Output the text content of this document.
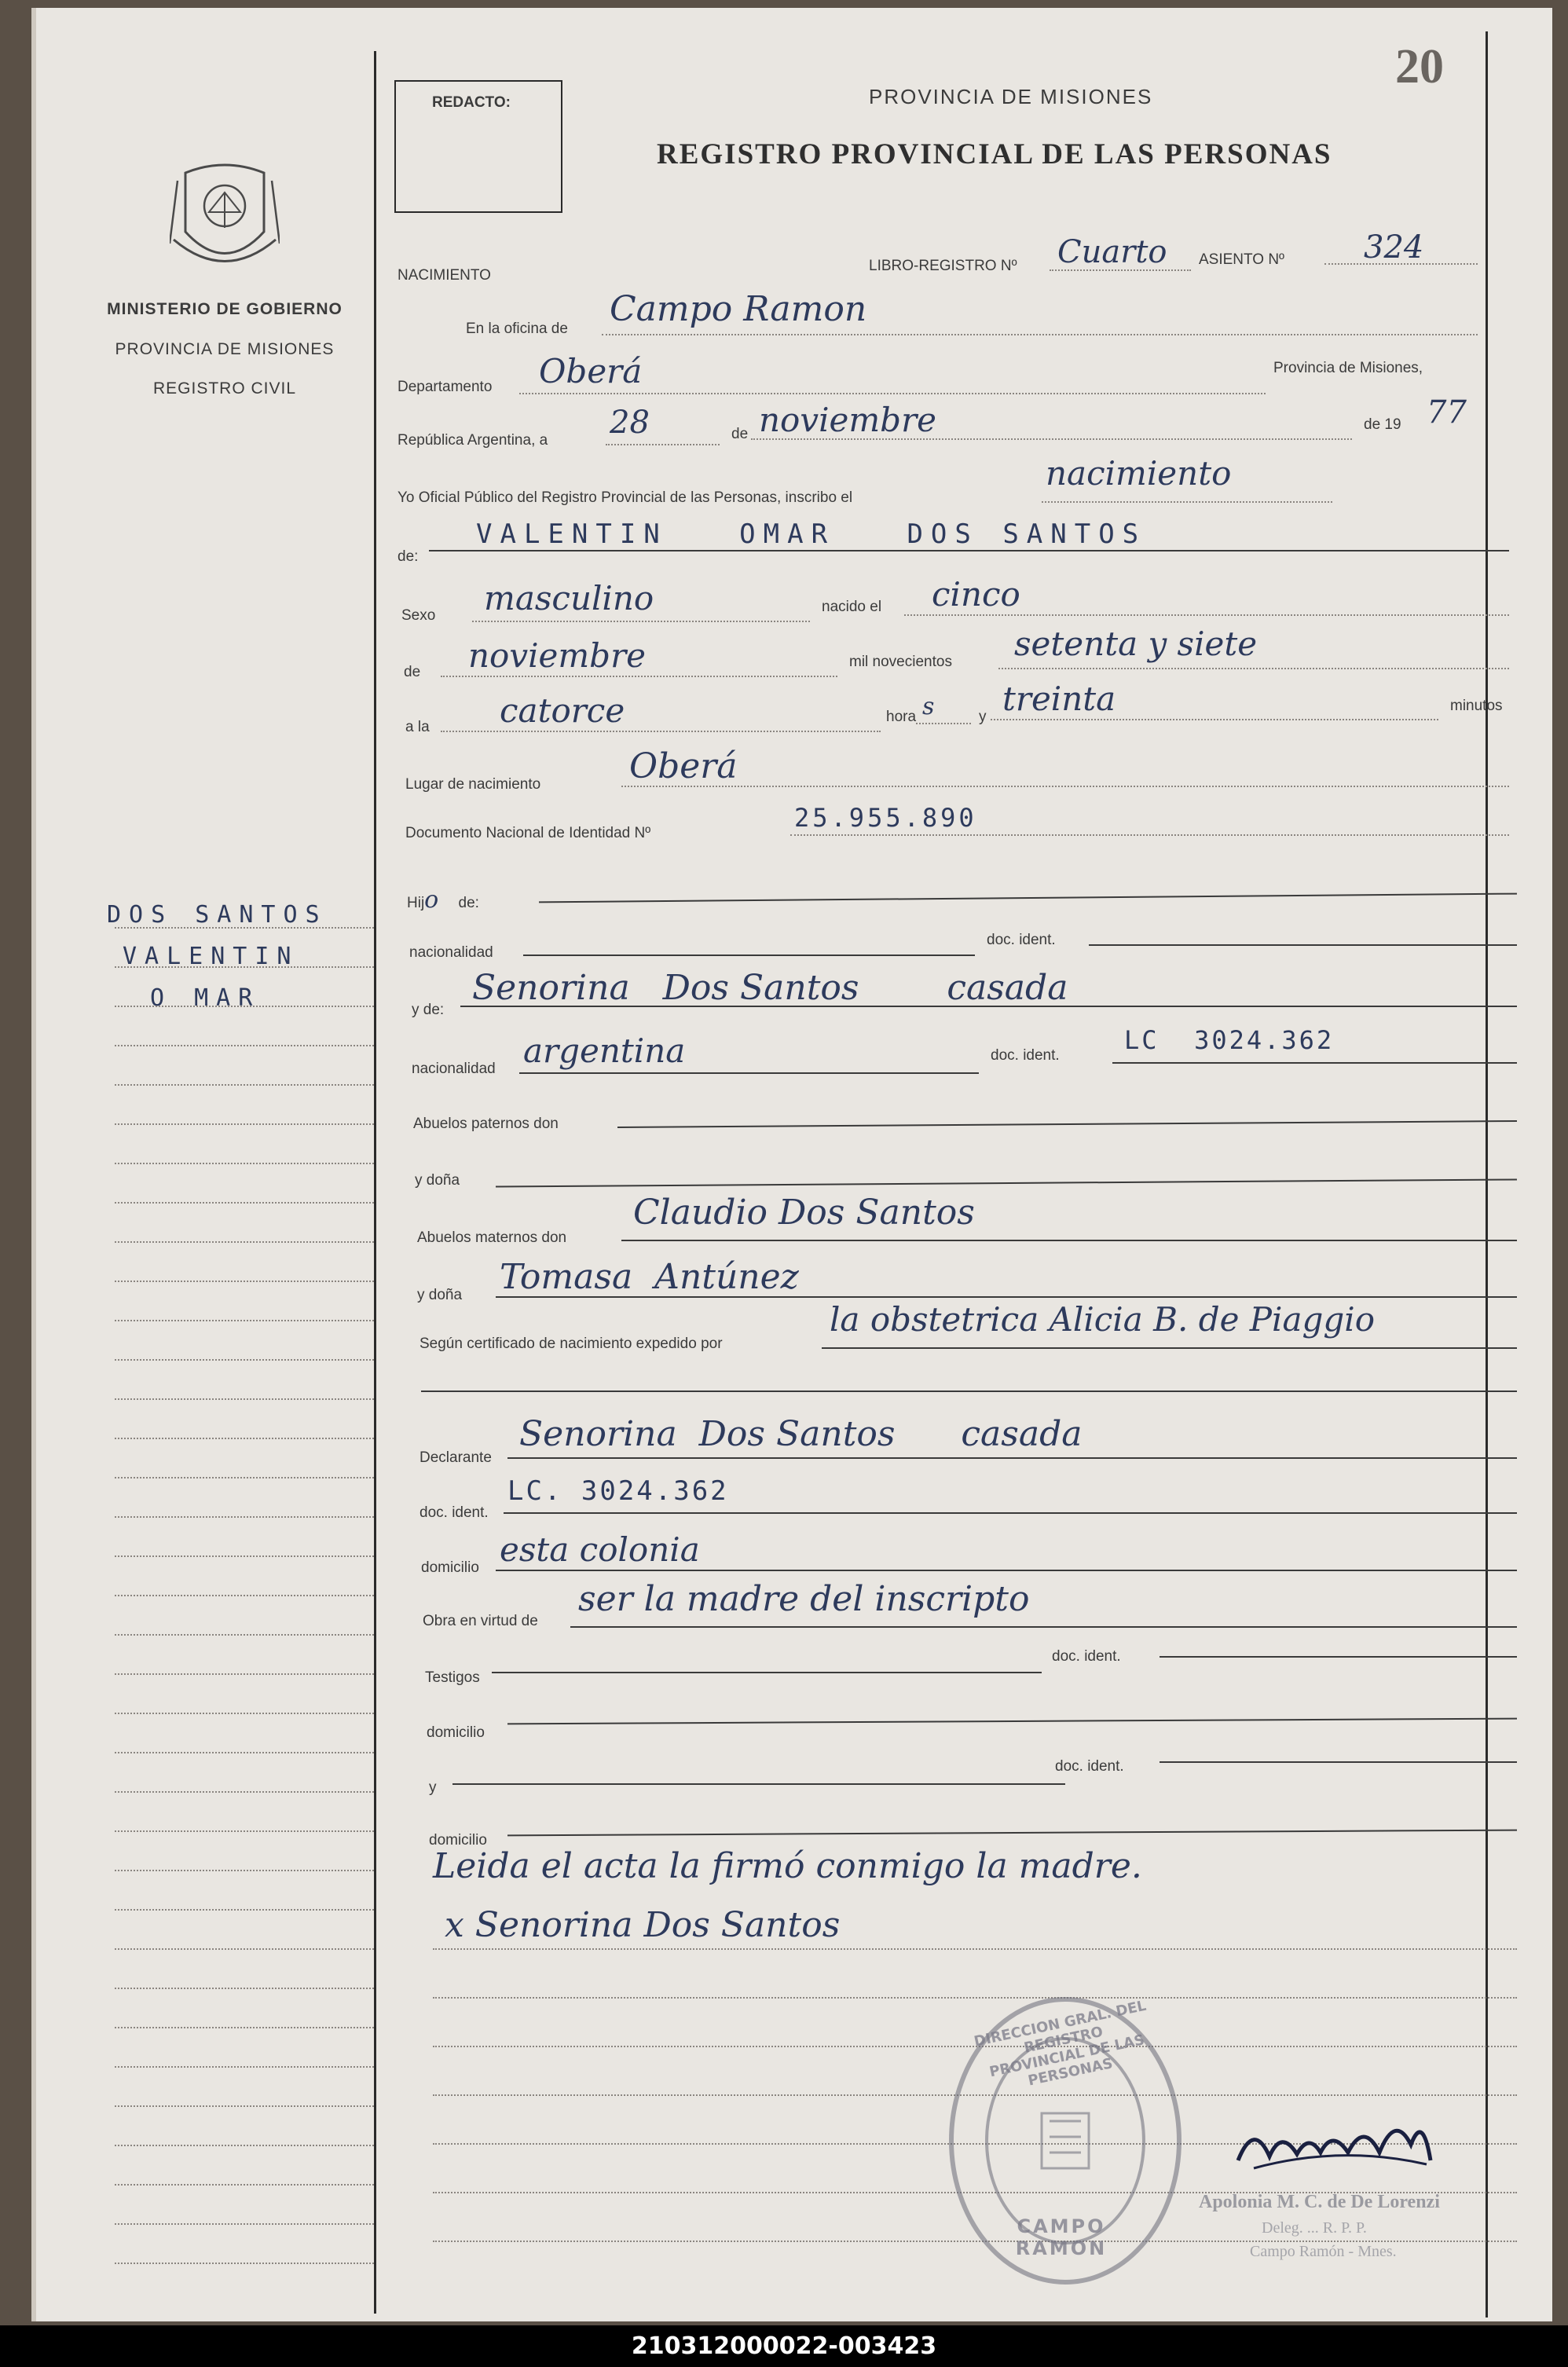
20
MINISTERIO DE GOBIERNO
PROVINCIA DE MISIONES
REGISTRO CIVIL
DOS SANTOS
VALENTIN
O MAR
REDACTO:	PROVINCIA DE MISIONES
REGISTRO PROVINCIAL DE LAS PERSONAS
NACIMIENTO
LIBRO-REGISTRO Nº Cuarto ASIENTO Nº	324
En la oficina de Campo Ramon
Departamento Oberá	Provincia de Misiones,
República Argentina, a 28	de noviembre	de 19 77
Yo Oficial Público del Registro Provincial de las Personas, inscribo el
nacimiento
de:
VALENTIN   OMAR   DOS SANTOS
Sexo masculino	nacido el cinco
de noviembre	mil novecientos setenta y siete
a la catorce	hora s	y treinta	minutos
Lugar de nacimiento	Oberá
Documento Nacional de Identidad Nº
25.955.890
Hijo de:
nacionalidad
doc. ident.
y de:
Senorina   Dos Santos        casada
nacionalidad argentina	doc. ident.
LC  3024.362
Abuelos paternos don
y doña
Abuelos maternos don
Claudio Dos Santos
y doña Tomasa  Antúnez
Según certificado de nacimiento expedido por
la obstetrica Alicia B. de Piaggio
Declarante
Senorina  Dos Santos      casada
doc. ident.
LC. 3024.362
domicilio esta colonia
Obra en virtud de
ser la madre del inscripto
Testigos
doc. ident.
domicilio
y
doc. ident.
domicilio
Leida el acta la firmó conmigo la madre.
x Senorina Dos Santos
DIRECCION GRAL. DEL REGISTRO PROVINCIAL DE LAS PERSONAS
CAMPO RAMON
Apolonia M. C. de De Lorenzi
Deleg. ... R. P. P.
Campo Ramón - Mnes.
210312000022-003423
